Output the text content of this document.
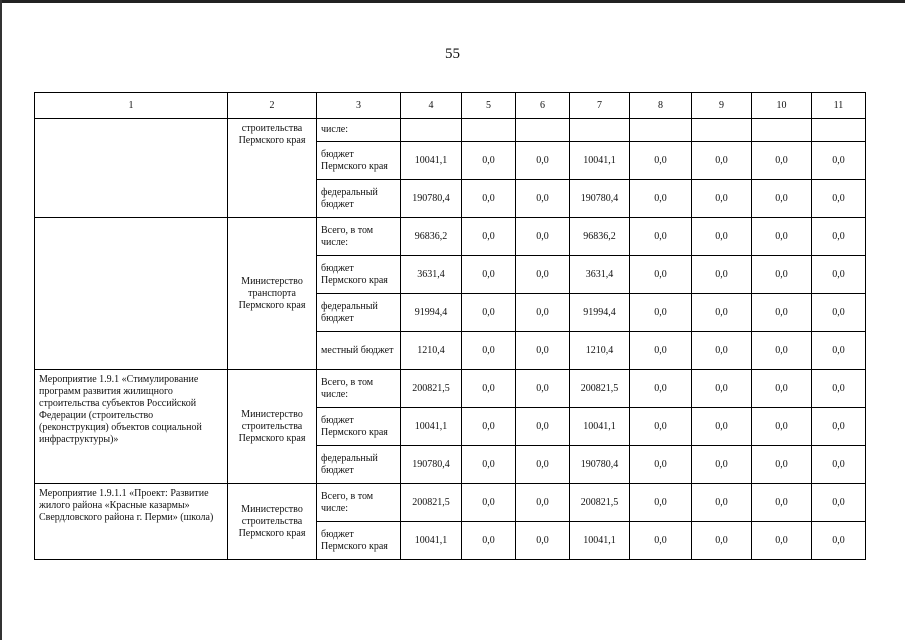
55
1	2	3	4	5	6	7	8	9	10	11
	строительства Пермского края	числе:								
		бюджет Пермского края	10041,1	0,0	0,0	10041,1	0,0	0,0	0,0	0,0
		федеральный бюджет	190780,4	0,0	0,0	190780,4	0,0	0,0	0,0	0,0
	Министерство транспорта Пермского края	Всего, в том числе:	96836,2	0,0	0,0	96836,2	0,0	0,0	0,0	0,0
		бюджет Пермского края	3631,4	0,0	0,0	3631,4	0,0	0,0	0,0	0,0
		федеральный бюджет	91994,4	0,0	0,0	91994,4	0,0	0,0	0,0	0,0
		местный бюджет	1210,4	0,0	0,0	1210,4	0,0	0,0	0,0	0,0
Мероприятие 1.9.1 «Стимулирование программ развития жилищного строительства субъектов Российской Федерации (строительство (реконструкция) объектов социальной инфраструктуры)»	Министерство строительства Пермского края	Всего, в том числе:	200821,5	0,0	0,0	200821,5	0,0	0,0	0,0	0,0
		бюджет Пермского края	10041,1	0,0	0,0	10041,1	0,0	0,0	0,0	0,0
		федеральный бюджет	190780,4	0,0	0,0	190780,4	0,0	0,0	0,0	0,0
Мероприятие 1.9.1.1 «Проект: Развитие жилого района «Красные казармы» Свердловского района г. Перми» (школа)	Министерство строительства Пермского края	Всего, в том числе:	200821,5	0,0	0,0	200821,5	0,0	0,0	0,0	0,0
		бюджет Пермского края	10041,1	0,0	0,0	10041,1	0,0	0,0	0,0	0,0
